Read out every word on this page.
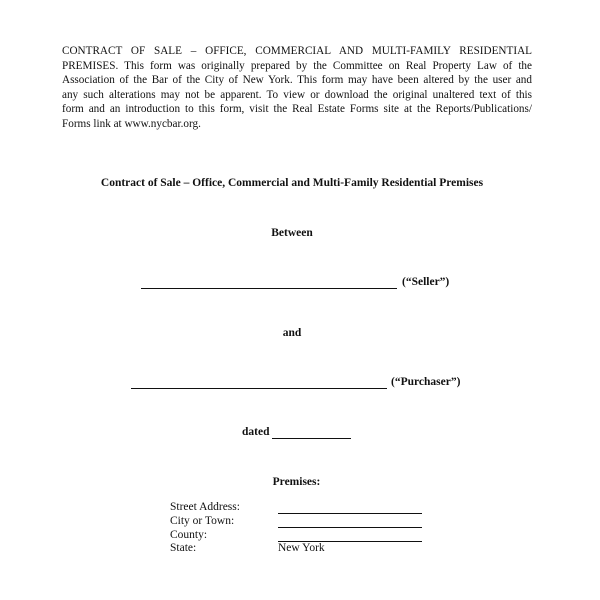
CONTRACT OF SALE – OFFICE, COMMERCIAL AND MULTI-FAMILY RESIDENTIAL
PREMISES. This form was originally prepared by the Committee on Real Property Law of the
Association of the Bar of the City of New York. This form may have been altered by the user and
any such alterations may not be apparent. To view or download the original unaltered text of this
form and an introduction to this form, visit the Real Estate Forms site at the Reports/Publications/
Forms link at www.nycbar.org.
Contract of Sale – Office, Commercial and Multi-Family Residential Premises
Between
(“Seller”)
and
(“Purchaser”)
dated
Premises:
Street Address:
City or Town:
County:
State:	New York
